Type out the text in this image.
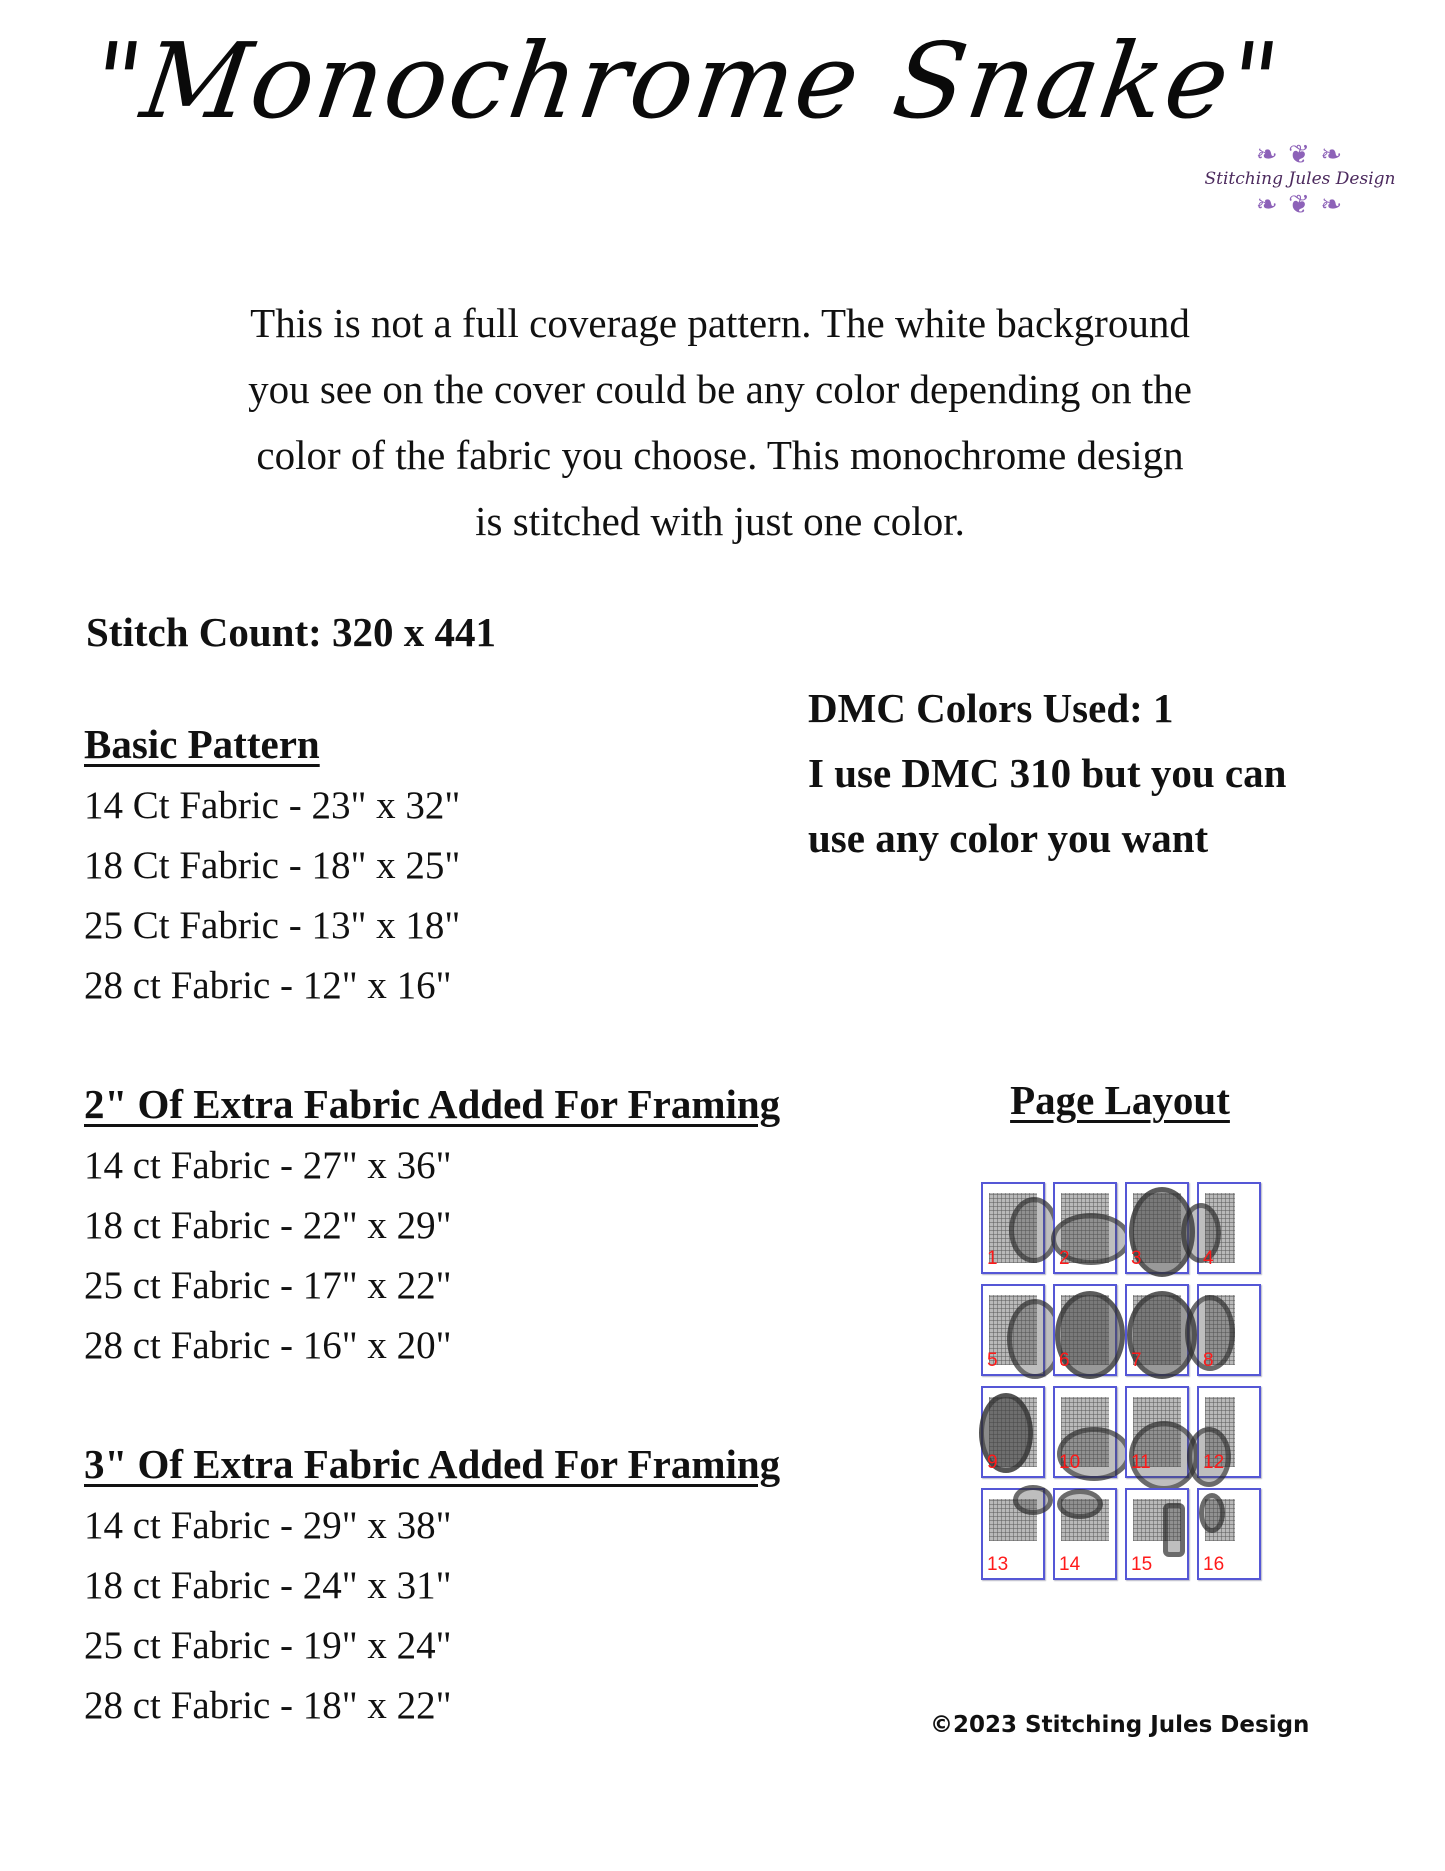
"Monochrome Snake"
❧ ❦ ❧
Stitching Jules Design
❧ ❦ ❧
This is not a full coverage pattern. The white background
you see on the cover could be any color depending on the
color of the fabric you choose. This monochrome design
is stitched with just one color.
Stitch Count: 320 x 441
Basic Pattern
14 Ct Fabric - 23" x 32"
18 Ct Fabric - 18" x 25"
25 Ct Fabric - 13" x 18"
28 ct Fabric - 12" x 16"
2" Of Extra Fabric Added For Framing
14 ct Fabric - 27" x 36"
18 ct Fabric - 22" x 29"
25 ct Fabric - 17" x 22"
28 ct Fabric - 16" x 20"
3" Of Extra Fabric Added For Framing
14 ct Fabric - 29" x 38"
18 ct Fabric - 24" x 31"
25 ct Fabric - 19" x 24"
28 ct Fabric - 18" x 22"
DMC Colors Used: 1
I use DMC 310 but you can
use any color you want
Page Layout
1	2	3	4
5	6	7	8
9	10	11	12
13	14	15	16
©2023 Stitching Jules Design
